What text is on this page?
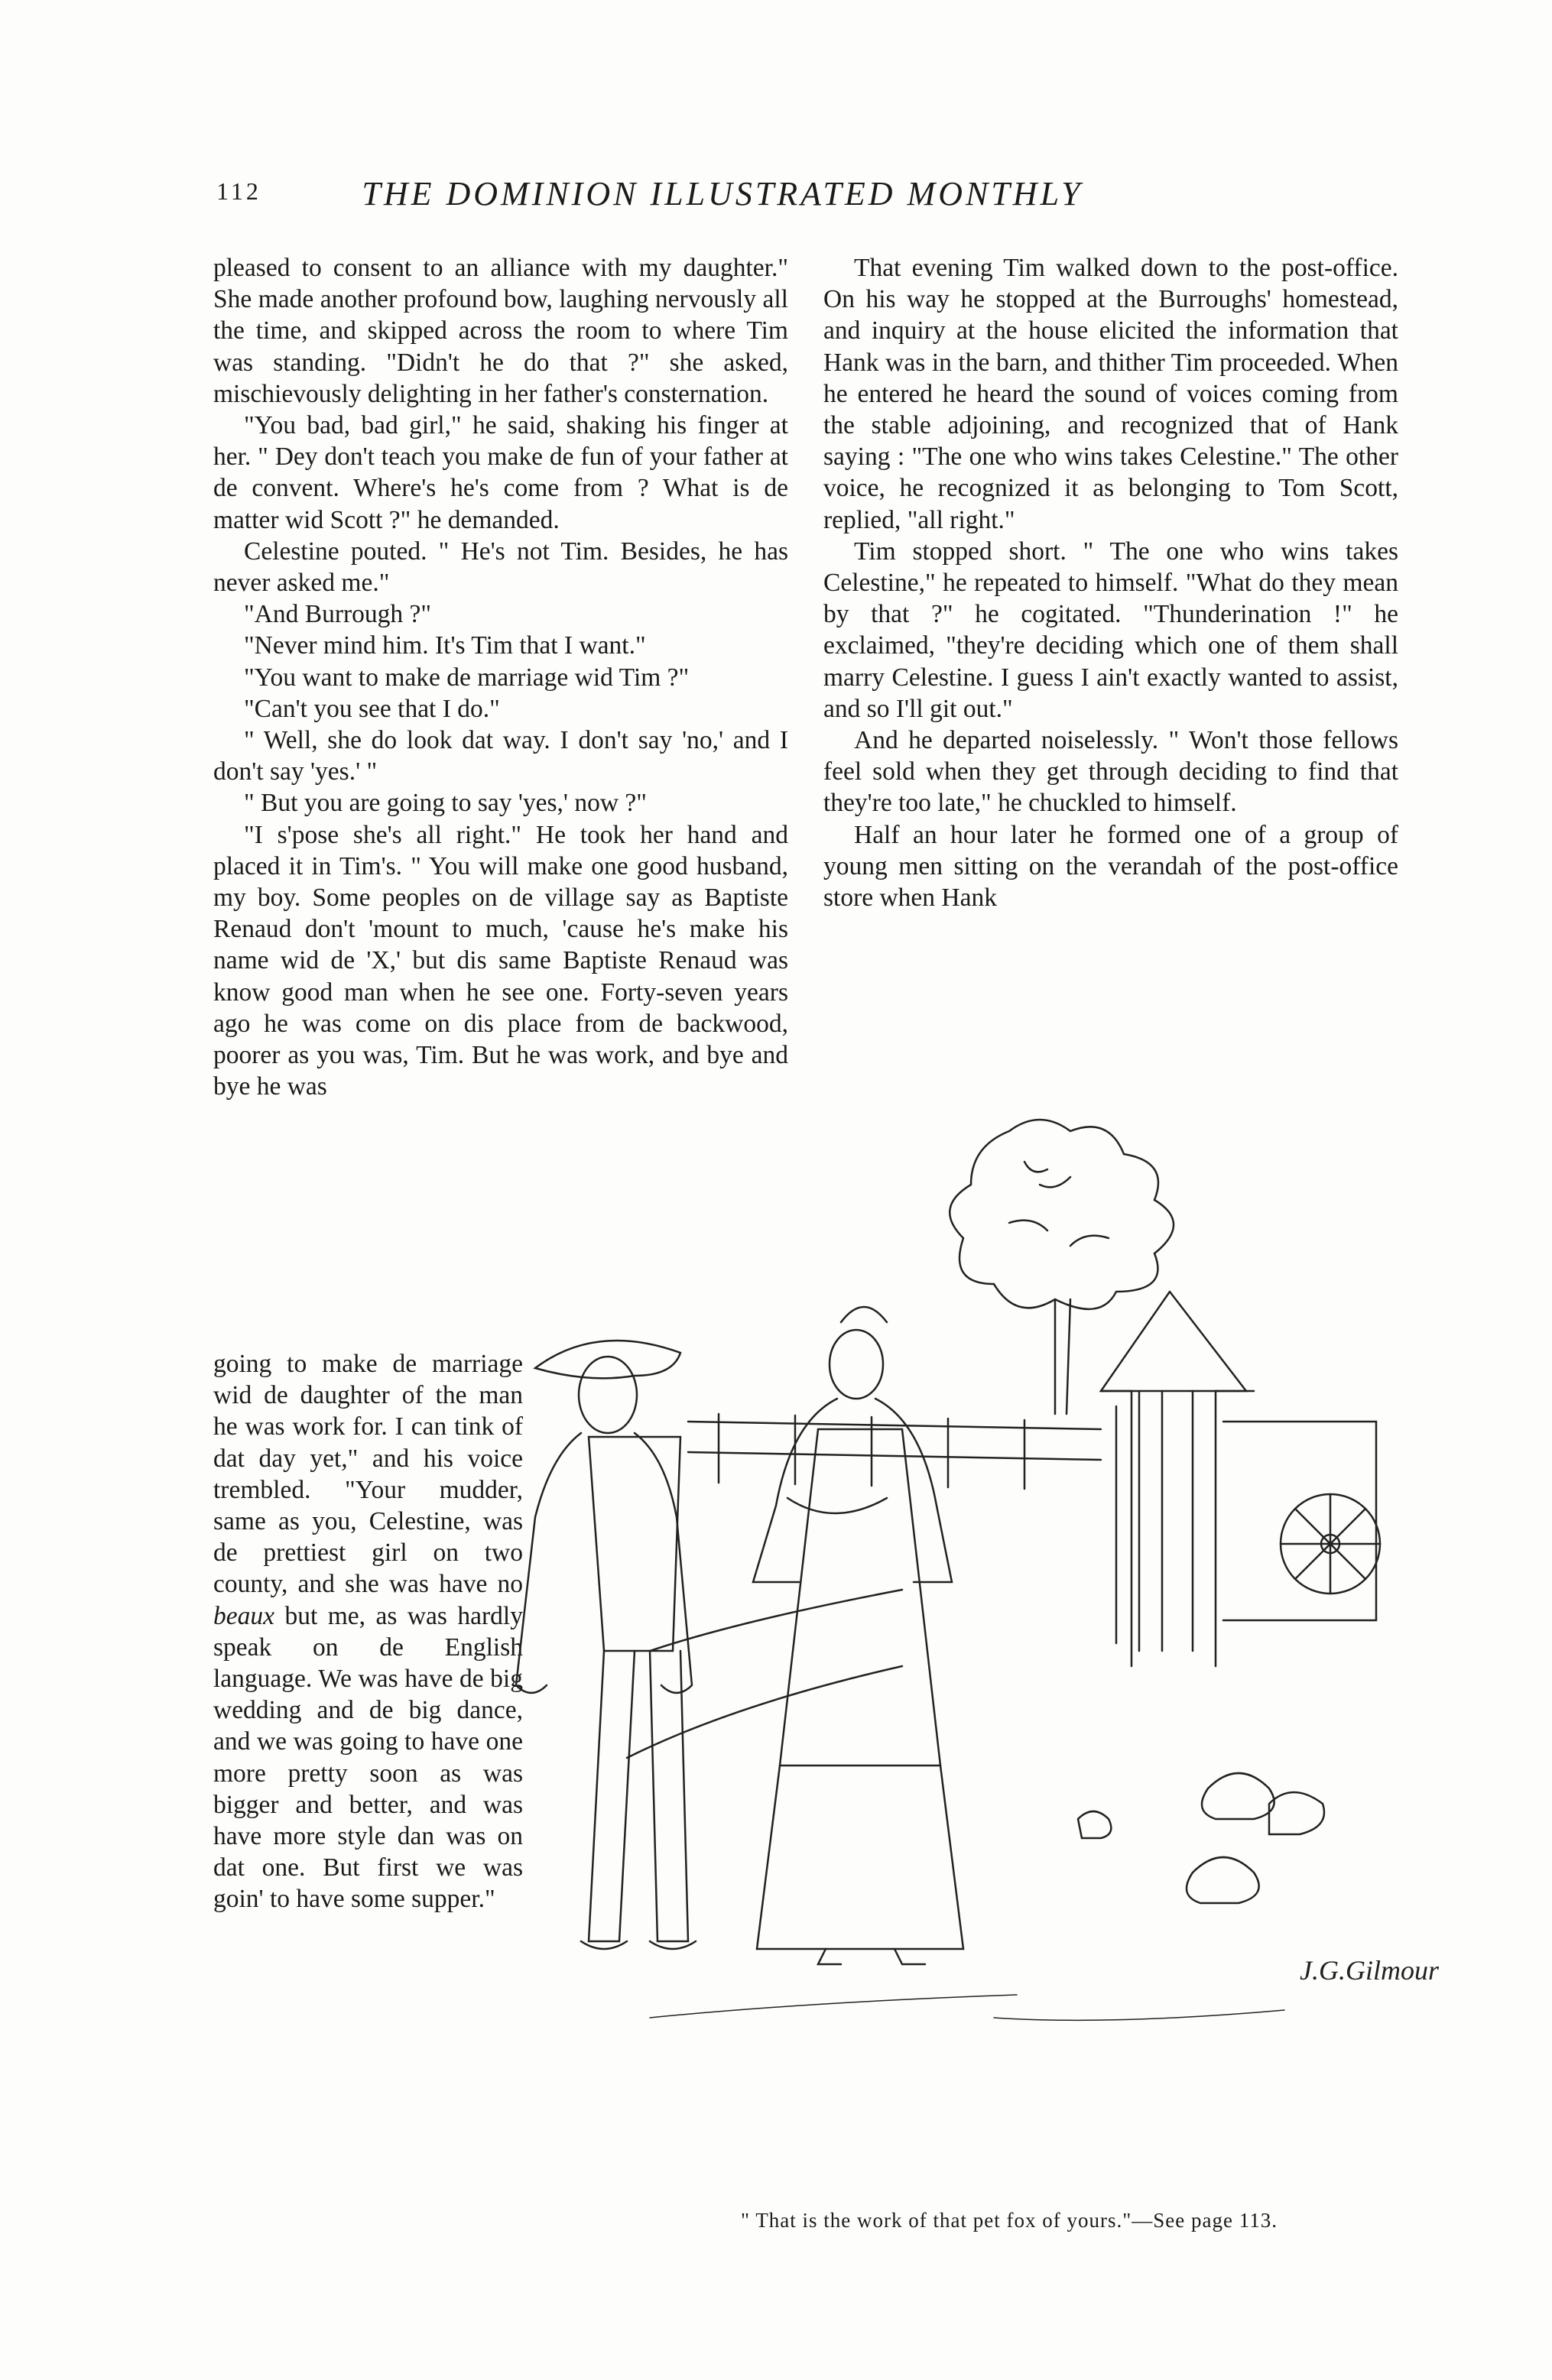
112	THE DOMINION ILLUSTRATED MONTHLY

pleased to consent to an alliance with my daughter." She made another profound bow, laughing nervously all the time, and skipped across the room to where Tim was standing. "Didn't he do that ?" she asked, mischievously delighting in her father's consternation.

"You bad, bad girl," he said, shaking his finger at her. " Dey don't teach you make de fun of your father at de convent. Where's he's come from ? What is de matter wid Scott ?" he demanded.

Celestine pouted. " He's not Tim. Besides, he has never asked me."

"And Burrough ?"

"Never mind him. It's Tim that I want."

"You want to make de marriage wid Tim ?"

"Can't you see that I do."

" Well, she do look dat way. I don't say 'no,' and I don't say 'yes.' "

" But you are going to say 'yes,' now ?"

"I s'pose she's all right." He took her hand and placed it in Tim's. " You will make one good husband, my boy. Some peoples on de village say as Baptiste Renaud don't 'mount to much, 'cause he's make his name wid de 'X,' but dis same Baptiste Renaud was know good man when he see one. Forty-seven years ago he was come on dis place from de backwood, poorer as you was, Tim. But he was work, and bye and bye he was

going to make de marriage wid de daughter of the man he was work for. I can tink of dat day yet," and his voice trembled. "Your mudder, same as you, Celestine, was de prettiest girl on two county, and she was have no beaux but me, as was hardly speak on de English language. We was have de big wedding and de big dance, and we was going to have one more pretty soon as was bigger and better, and was have more style dan was on dat one. But first we was goin' to have some supper."

That evening Tim walked down to the post-office. On his way he stopped at the Burroughs' homestead, and inquiry at the house elicited the information that Hank was in the barn, and thither Tim proceeded. When he entered he heard the sound of voices coming from the stable adjoining, and recognized that of Hank saying : "The one who wins takes Celestine." The other voice, he recognized it as belonging to Tom Scott, replied, "all right."

Tim stopped short. " The one who wins takes Celestine," he repeated to himself. "What do they mean by that ?" he cogitated. "Thunderination !" he exclaimed, "they're deciding which one of them shall marry Celestine. I guess I ain't exactly wanted to assist, and so I'll git out."

And he departed noiselessly. " Won't those fellows feel sold when they get through deciding to find that they're too late," he chuckled to himself.

Half an hour later he formed one of a group of young men sitting on the verandah of the post-office store when Hank

J.G.Gilmour
" That is the work of that pet fox of yours."—See page 113.
